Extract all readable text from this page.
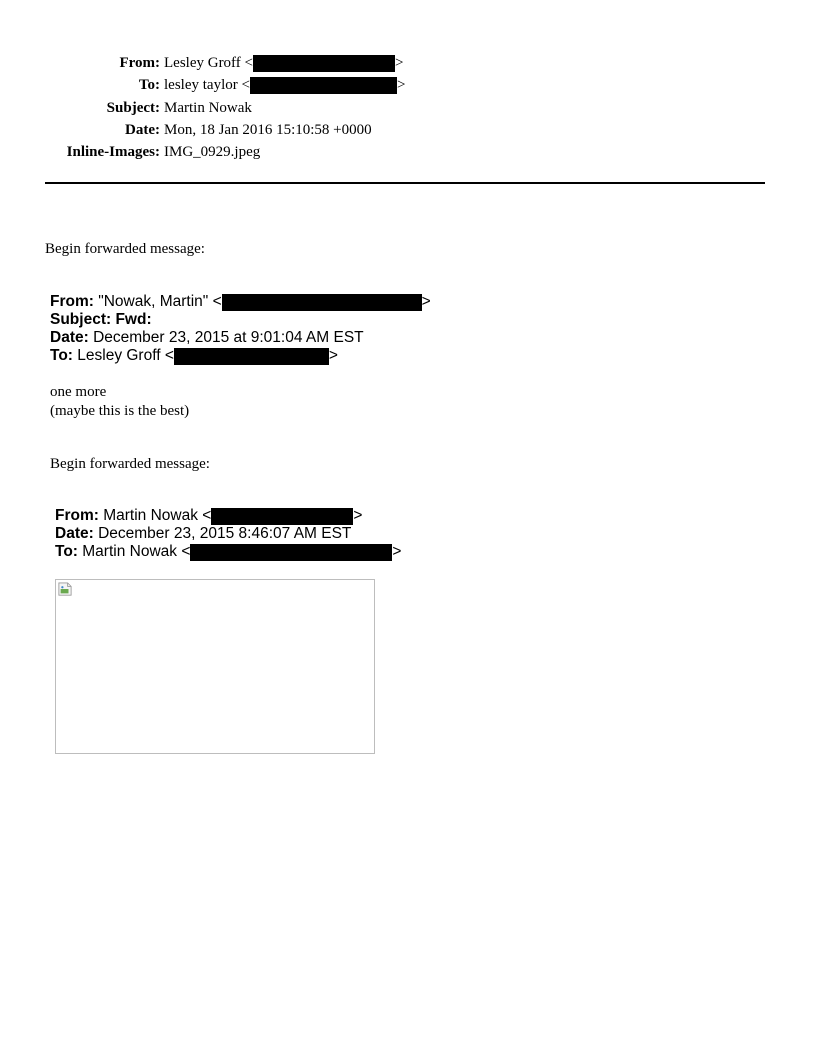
From: Lesley Groff <	>
To: lesley taylor <	>
Subject: Martin Nowak
Date: Mon, 18 Jan 2016 15:10:58 +0000
Inline-Images: IMG_0929.jpeg
Begin forwarded message:
From:
"Nowak, Martin" <	>
Subject:
Fwd:
Date:
December 23, 2015 at 9:01:04 AM EST
To:
Lesley Groff <	>
one more
(maybe this is the best)
Begin forwarded message:
From:
Martin Nowak <	>
Date:
December 23, 2015 8:46:07 AM EST
To:
Martin Nowak <	>
